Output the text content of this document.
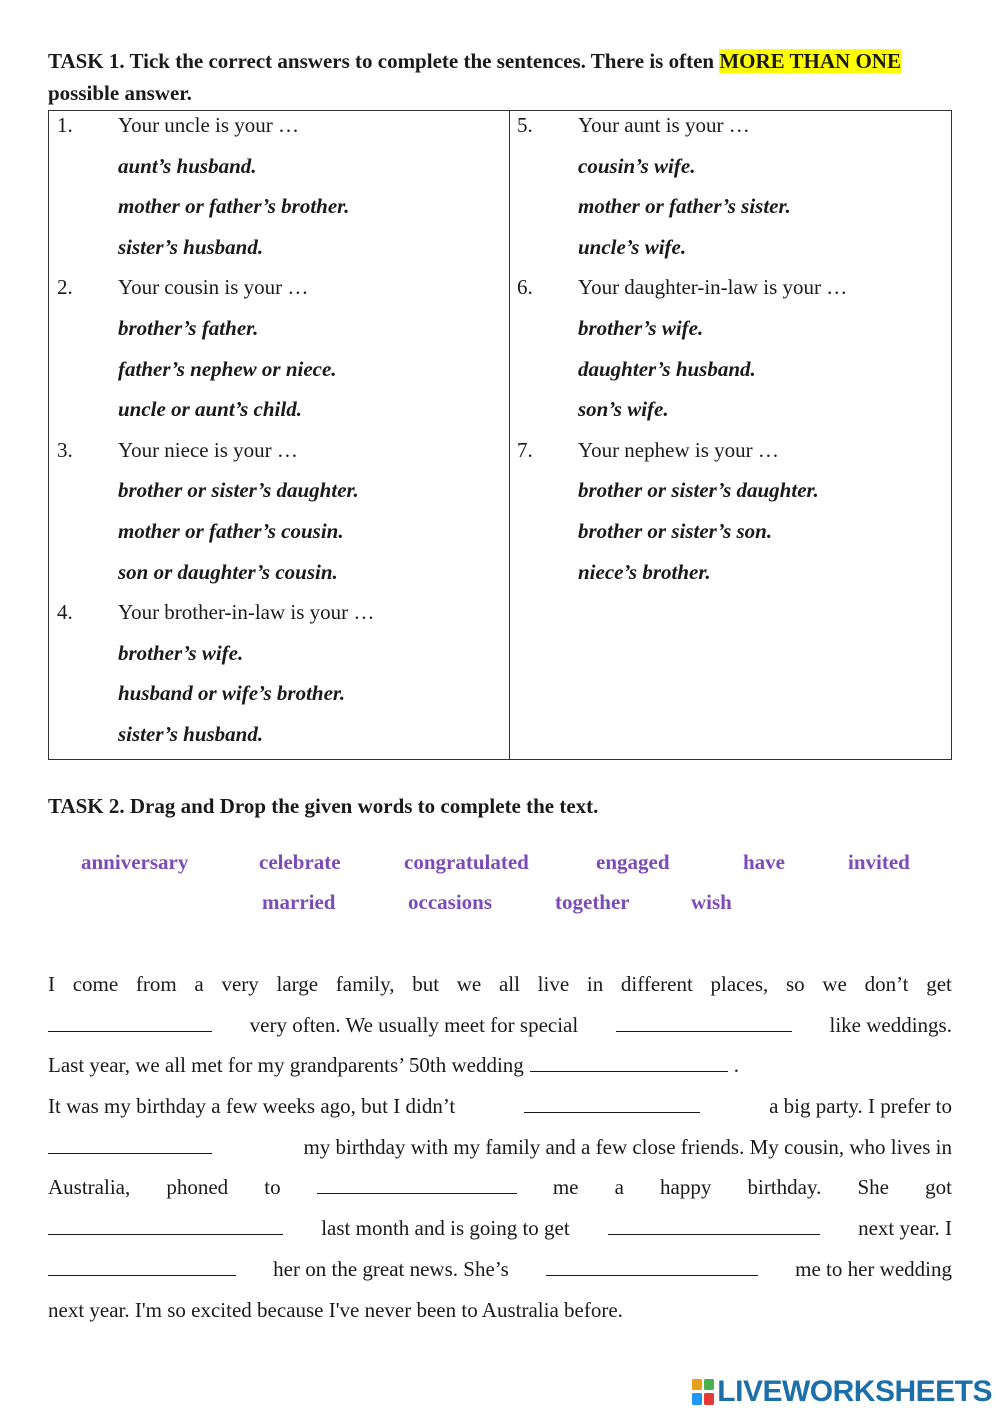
TASK 1. Tick the correct answers to complete the sentences. There is often MORE THAN ONE possible answer.

1. Your uncle is your …
aunt’s husband.
mother or father’s brother.
sister’s husband.
2. Your cousin is your …
brother’s father.
father’s nephew or niece.
uncle or aunt’s child.
3. Your niece is your …
brother or sister’s daughter.
mother or father’s cousin.
son or daughter’s cousin.
4. Your brother-in-law is your …
brother’s wife.
husband or wife’s brother.
sister’s husband.
5. Your aunt is your …
cousin’s wife.
mother or father’s sister.
uncle’s wife.
6. Your daughter-in-law is your …
brother’s wife.
daughter’s husband.
son’s wife.
7. Your nephew is your …
brother or sister’s daughter.
brother or sister’s son.
niece’s brother.

TASK 2. Drag and Drop the given words to complete the text.

anniversary	celebrate	congratulated	engaged	have	invited
married	occasions	together	wish
I come from a very large family, but we all live in different places, so we don’t get
very often. We usually meet for special	like weddings.
Last year, we all met for my grandparents’ 50th wedding	.
It was my birthday a few weeks ago, but I didn’t	a big party. I prefer to
my birthday with my family and a few close friends. My cousin, who lives in
Australia, phoned to	me a happy birthday. She got
last month and is going to get	next year. I
her on the great news. She’s	me to her wedding
next year. I'm so excited because I've never been to Australia before.
LIVEWORKSHEETS
